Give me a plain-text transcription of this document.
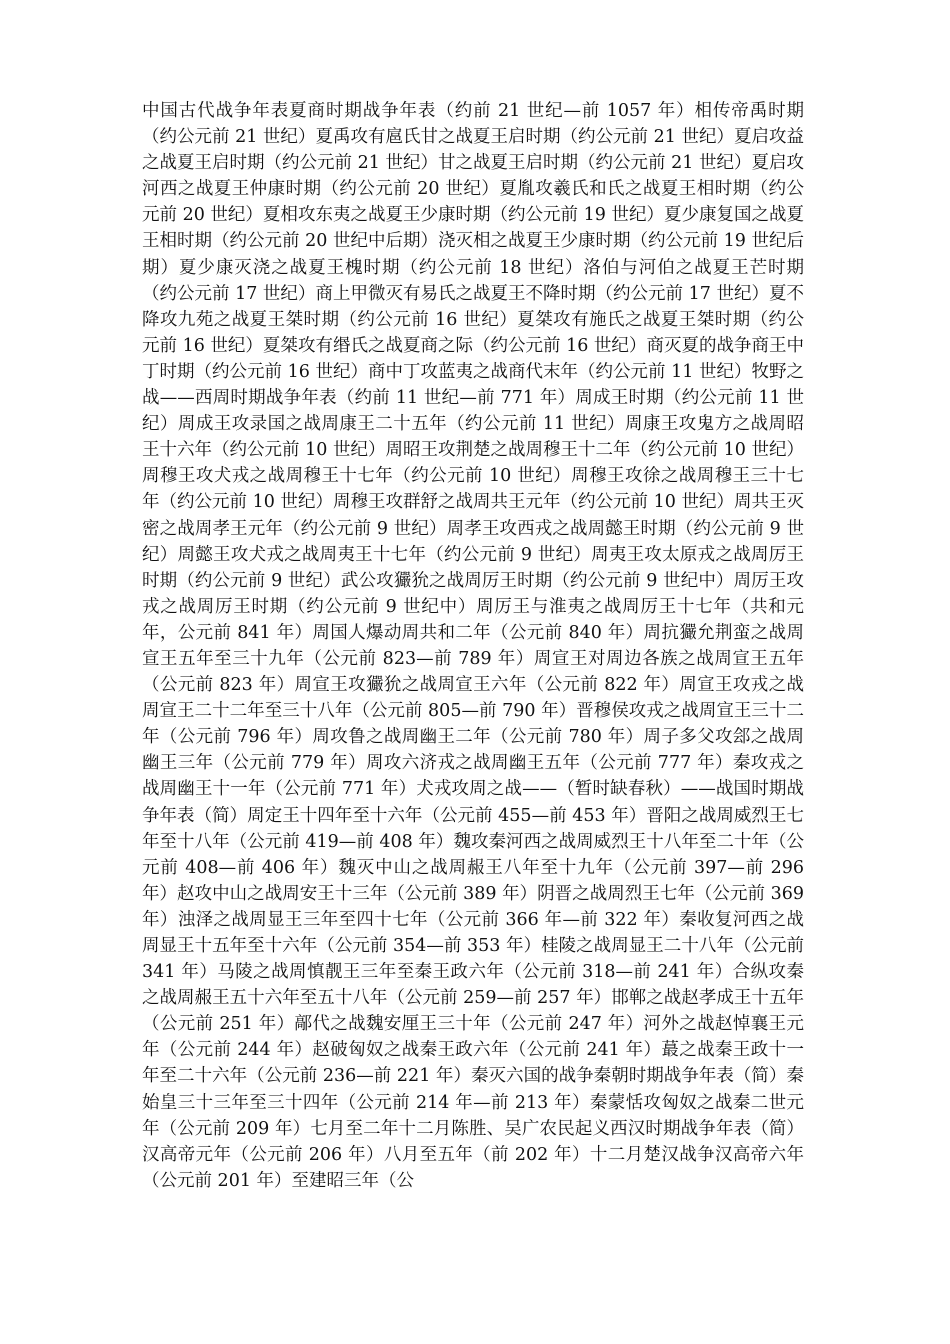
中国古代战争年表夏商时期战争年表（约前 21 世纪—前 1057 年）相传帝禹时期（约公元前 21 世纪）夏禹攻有扈氏甘之战夏王启时期（约公元前 21 世纪）夏启攻益之战夏王启时期（约公元前 21 世纪）甘之战夏王启时期（约公元前 21 世纪）夏启攻河西之战夏王仲康时期（约公元前 20 世纪）夏胤攻羲氏和氏之战夏王相时期（约公元前 20 世纪）夏相攻东夷之战夏王少康时期（约公元前 19 世纪）夏少康复国之战夏王相时期（约公元前 20 世纪中后期）浇灭相之战夏王少康时期（约公元前 19 世纪后期）夏少康灭浇之战夏王槐时期（约公元前 18 世纪）洛伯与河伯之战夏王芒时期（约公元前 17 世纪）商上甲微灭有易氏之战夏王不降时期（约公元前 17 世纪）夏不降攻九苑之战夏王桀时期（约公元前 16 世纪）夏桀攻有施氏之战夏王桀时期（约公元前 16 世纪）夏桀攻有缗氏之战夏商之际（约公元前 16 世纪）商灭夏的战争商王中丁时期（约公元前 16 世纪）商中丁攻蓝夷之战商代末年（约公元前 11 世纪）牧野之战——西周时期战争年表（约前 11 世纪—前 771 年）周成王时期（约公元前 11 世纪）周成王攻录国之战周康王二十五年（约公元前 11 世纪）周康王攻鬼方之战周昭王十六年（约公元前 10 世纪）周昭王攻荆楚之战周穆王十二年（约公元前 10 世纪）周穆王攻犬戎之战周穆王十七年（约公元前 10 世纪）周穆王攻徐之战周穆王三十七年（约公元前 10 世纪）周穆王攻群舒之战周共王元年（约公元前 10 世纪）周共王灭密之战周孝王元年（约公元前 9 世纪）周孝王攻西戎之战周懿王时期（约公元前 9 世纪）周懿王攻犬戎之战周夷王十七年（约公元前 9 世纪）周夷王攻太原戎之战周厉王时期（约公元前 9 世纪）武公攻玁狁之战周厉王时期（约公元前 9 世纪中）周厉王攻戎之战周厉王时期（约公元前 9 世纪中）周厉王与淮夷之战周厉王十七年（共和元年，公元前 841 年）周国人爆动周共和二年（公元前 840 年）周抗玁允荆蛮之战周宣王五年至三十九年（公元前 823—前 789 年）周宣王对周边各族之战周宣王五年（公元前 823 年）周宣王攻玁狁之战周宣王六年（公元前 822 年）周宣王攻戎之战周宣王二十二年至三十八年（公元前 805—前 790 年）晋穆侯攻戎之战周宣王三十二年（公元前 796 年）周攻鲁之战周幽王二年（公元前 780 年）周子多父攻郐之战周幽王三年（公元前 779 年）周攻六济戎之战周幽王五年（公元前 777 年）秦攻戎之战周幽王十一年（公元前 771 年）犬戎攻周之战——（暂时缺春秋）——战国时期战争年表（简）周定王十四年至十六年（公元前 455—前 453 年）晋阳之战周威烈王七年至十八年（公元前 419—前 408 年）魏攻秦河西之战周威烈王十八年至二十年（公元前 408—前 406 年）魏灭中山之战周赧王八年至十九年（公元前 397—前 296 年）赵攻中山之战周安王十三年（公元前 389 年）阴晋之战周烈王七年（公元前 369 年）浊泽之战周显王三年至四十七年（公元前 366 年—前 322 年）秦收复河西之战周显王十五年至十六年（公元前 354—前 353 年）桂陵之战周显王二十八年（公元前 341 年）马陵之战周慎靓王三年至秦王政六年（公元前 318—前 241 年）合纵攻秦之战周赧王五十六年至五十八年（公元前 259—前 257 年）邯郸之战赵孝成王十五年（公元前 251 年）鄗代之战魏安厘王三十年（公元前 247 年）河外之战赵悼襄王元年（公元前 244 年）赵破匈奴之战秦王政六年（公元前 241 年）蕞之战秦王政十一年至二十六年（公元前 236—前 221 年）秦灭六国的战争秦朝时期战争年表（简）秦始皇三十三年至三十四年（公元前 214 年—前 213 年）秦蒙恬攻匈奴之战秦二世元年（公元前 209 年）七月至二年十二月陈胜、吴广农民起义西汉时期战争年表（简）汉高帝元年（公元前 206 年）八月至五年（前 202 年）十二月楚汉战争汉高帝六年（公元前 201 年）至建昭三年（公
